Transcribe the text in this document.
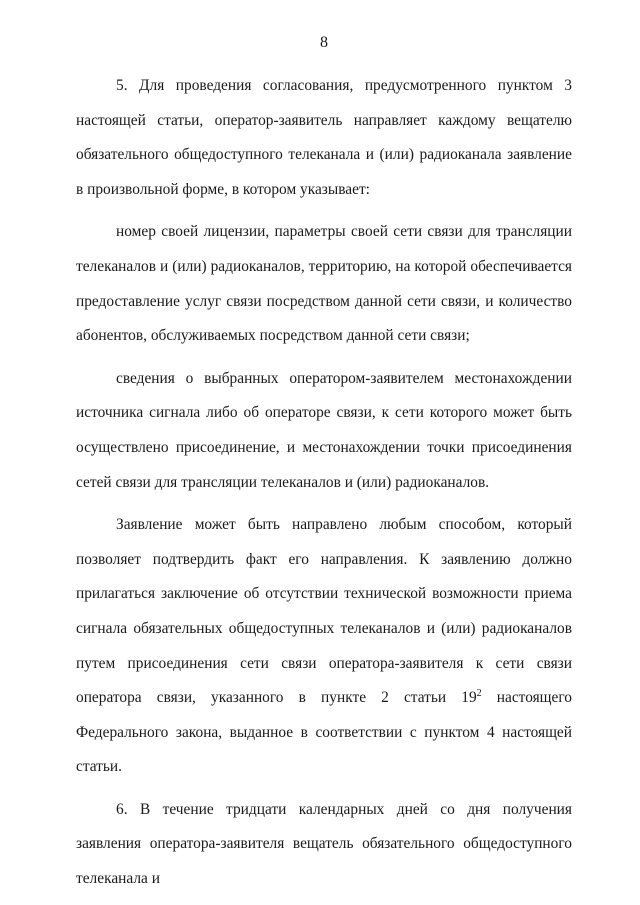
8

5. Для проведения согласования, предусмотренного пунктом 3 настоящей статьи, оператор-заявитель направляет каждому вещателю обязательного общедоступного телеканала и (или) радиоканала заявление в произвольной форме, в котором указывает:

номер своей лицензии, параметры своей сети связи для трансляции телеканалов и (или) радиоканалов, территорию, на которой обеспечивается предоставление услуг связи посредством данной сети связи, и количество абонентов, обслуживаемых посредством данной сети связи;

сведения о выбранных оператором-заявителем местонахождении источника сигнала либо об операторе связи, к сети которого может быть осуществлено присоединение, и местонахождении точки присоединения сетей связи для трансляции телеканалов и (или) радиоканалов.

Заявление может быть направлено любым способом, который позволяет подтвердить факт его направления. К заявлению должно прилагаться заключение об отсутствии технической возможности приема сигнала обязательных общедоступных телеканалов и (или) радиоканалов путем присоединения сети связи оператора-заявителя к сети связи оператора связи, указанного в пункте 2 статьи $19^2$ настоящего Федерального закона, выданное в соответствии с пунктом 4 настоящей статьи.

6. В течение тридцати календарных дней со дня получения заявления оператора-заявителя вещатель обязательного общедоступного телеканала и
